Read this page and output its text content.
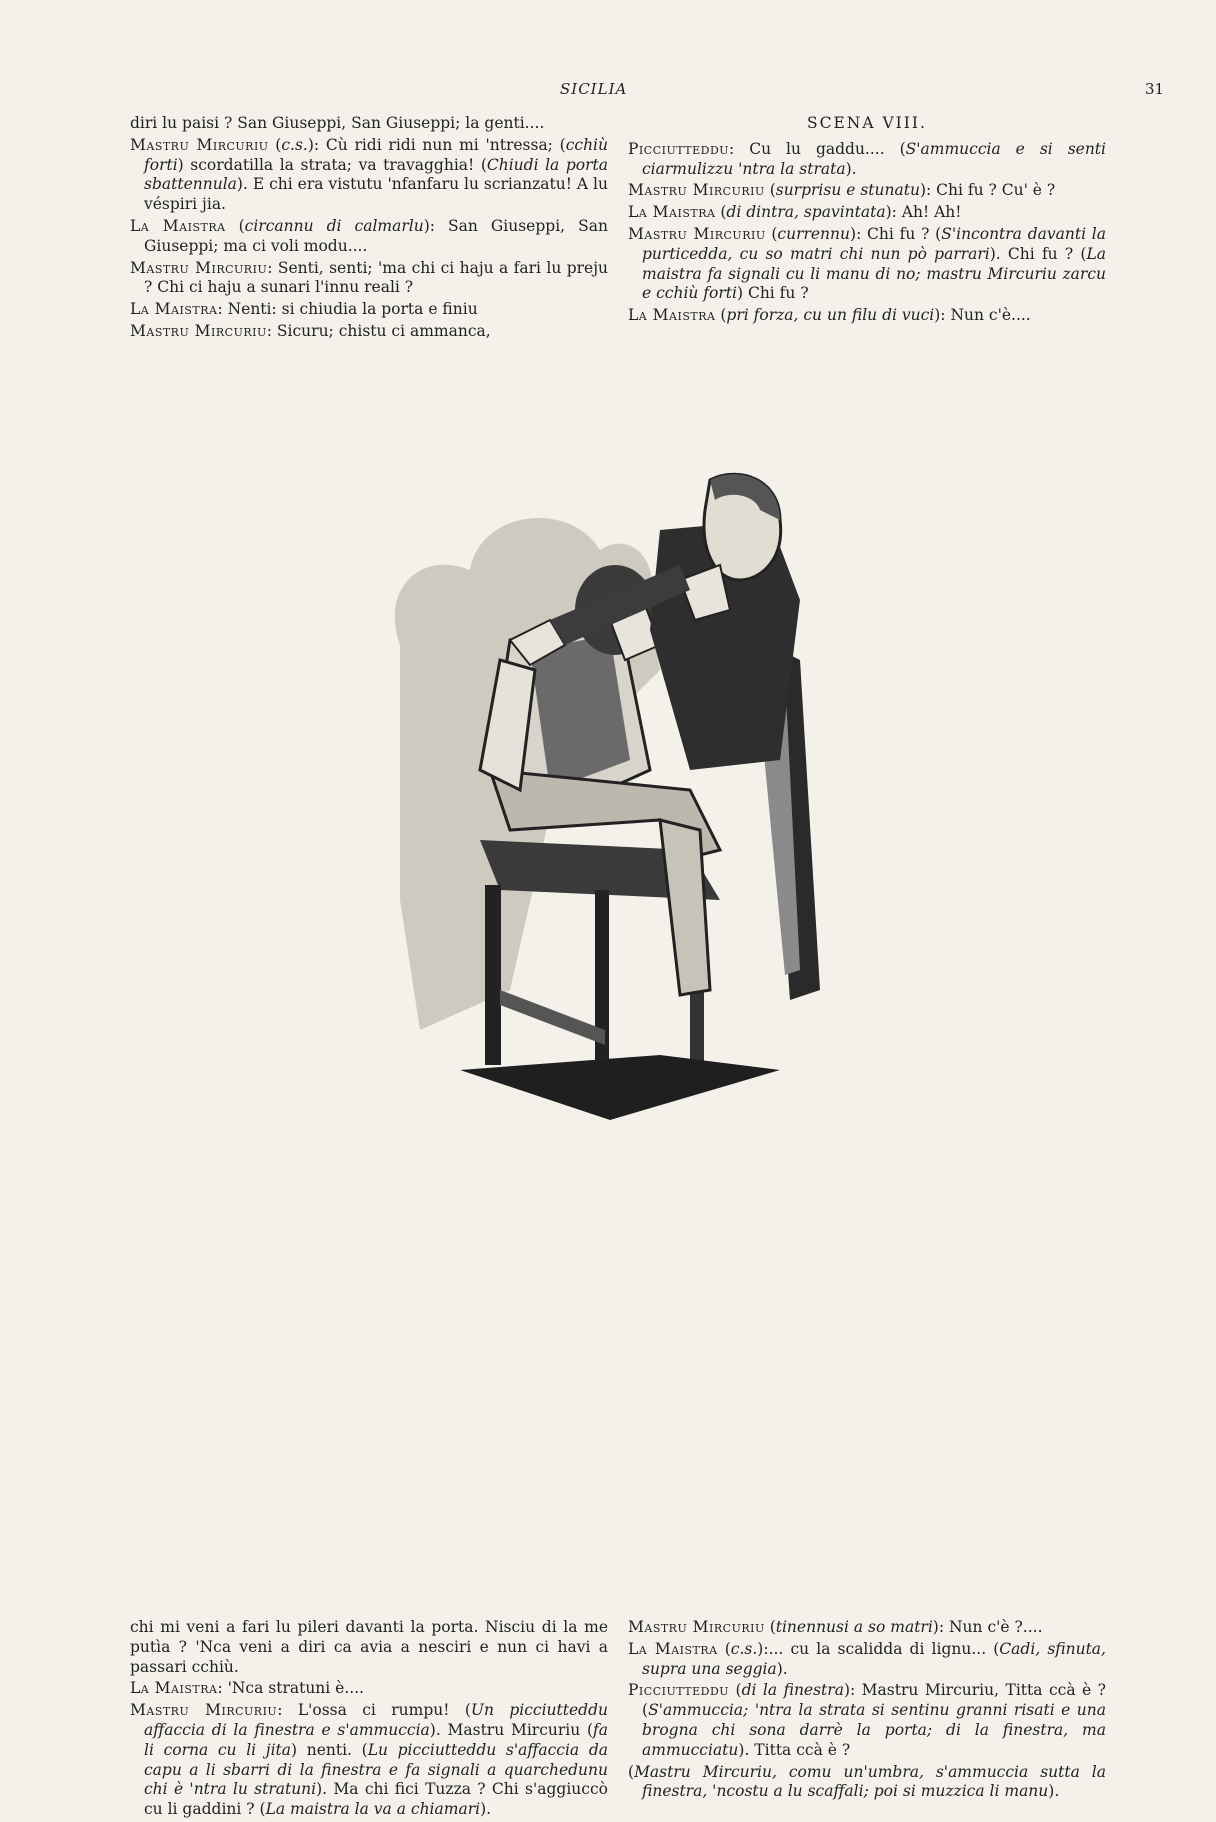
SICILIA	31

diri lu paisi ? San Giuseppi, San Giuseppi; la genti....

Mastru Mircuriu (c.s.): Cù ridi ridi nun mi 'ntressa; (cchiù forti) scordatilla la strata; va travagghia! (Chiudi la porta sbattennula). E chi era vistutu 'nfanfaru lu scrianzatu! A lu véspiri jia.

La Maistra (circannu di calmarlu): San Giuseppi, San Giuseppi; ma ci voli modu....

Mastru Mircuriu: Senti, senti; 'ma chi ci haju a fari lu preju ? Chi ci haju a sunari l'innu reali ?

La Maistra: Nenti: si chiudia la porta e finiu

Mastru Mircuriu: Sicuru; chistu ci ammanca,

SCENA VIII.

Picciutteddu: Cu lu gaddu.... (S'ammuccia e si senti ciarmulizzu 'ntra la strata).

Mastru Mircuriu (surprisu e stunatu): Chi fu ? Cu' è ?

La Maistra (di dintra, spavintata): Ah! Ah!

Mastru Mircuriu (currennu): Chi fu ? (S'incontra davanti la purticedda, cu so matri chi nun pò parrari). Chi fu ? (La maistra fa signali cu li manu di no; mastru Mircuriu zarcu e cchiù forti) Chi fu ?

La Maistra (pri forza, cu un filu di vuci): Nun c'è....

chi mi veni a fari lu pileri davanti la porta. Nisciu di la me putìa ? 'Nca veni a diri ca avia a nesciri e nun ci havi a passari cchiù.

La Maistra: 'Nca stratuni è....

Mastru Mircuriu: L'ossa ci rumpu! (Un picciutteddu affaccia di la finestra e s'ammuccia). Mastru Mircuriu (fa li corna cu li jita) nenti. (Lu picciutteddu s'affaccia da capu a li sbarri di la finestra e fa signali a quarchedunu chi è 'ntra lu stratuni). Ma chi fici Tuzza ? Chi s'aggiuccò cu li gaddini ? (La maistra la va a chiamari).

Mastru Mircuriu (tinennusi a so matri): Nun c'è ?....

La Maistra (c.s.):... cu la scalidda di lignu... (Cadi, sfinuta, supra una seggia).

Picciutteddu (di la finestra): Mastru Mircuriu, Titta ccà è ? (S'ammuccia; 'ntra la strata si sentinu granni risati e una brogna chi sona darrè la porta; di la finestra, ma ammucciatu). Titta ccà è ?

(Mastru Mircuriu, comu un'umbra, s'ammuccia sutta la finestra, 'ncostu a lu scaffali; poi si muzzica li manu).
